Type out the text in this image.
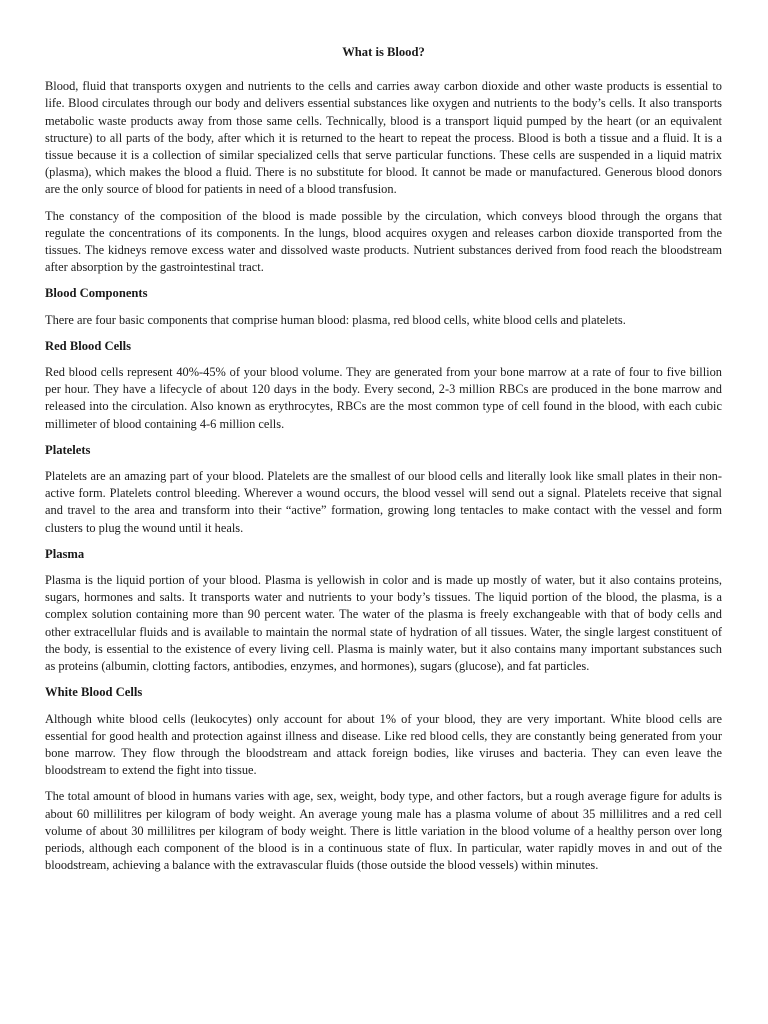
What is Blood?

Blood, fluid that transports oxygen and nutrients to the cells and carries away carbon dioxide and other waste products is essential to life. Blood circulates through our body and delivers essential substances like oxygen and nutrients to the body’s cells. It also transports metabolic waste products away from those same cells. Technically, blood is a transport liquid pumped by the heart (or an equivalent structure) to all parts of the body, after which it is returned to the heart to repeat the process. Blood is both a tissue and a fluid. It is a tissue because it is a collection of similar specialized cells that serve particular functions. These cells are suspended in a liquid matrix (plasma), which makes the blood a fluid. There is no substitute for blood. It cannot be made or manufactured. Generous blood donors are the only source of blood for patients in need of a blood transfusion.

The constancy of the composition of the blood is made possible by the circulation, which conveys blood through the organs that regulate the concentrations of its components. In the lungs, blood acquires oxygen and releases carbon dioxide transported from the tissues. The kidneys remove excess water and dissolved waste products. Nutrient substances derived from food reach the bloodstream after absorption by the gastrointestinal tract.

Blood Components

There are four basic components that comprise human blood: plasma, red blood cells, white blood cells and platelets.

Red Blood Cells

Red blood cells represent 40%-45% of your blood volume. They are generated from your bone marrow at a rate of four to five billion per hour. They have a lifecycle of about 120 days in the body. Every second, 2-3 million RBCs are produced in the bone marrow and released into the circulation. Also known as erythrocytes, RBCs are the most common type of cell found in the blood, with each cubic millimeter of blood containing 4-6 million cells.

Platelets

Platelets are an amazing part of your blood. Platelets are the smallest of our blood cells and literally look like small plates in their non-active form. Platelets control bleeding. Wherever a wound occurs, the blood vessel will send out a signal. Platelets receive that signal and travel to the area and transform into their “active” formation, growing long tentacles to make contact with the vessel and form clusters to plug the wound until it heals.

Plasma

Plasma is the liquid portion of your blood. Plasma is yellowish in color and is made up mostly of water, but it also contains proteins, sugars, hormones and salts. It transports water and nutrients to your body’s tissues. The liquid portion of the blood, the plasma, is a complex solution containing more than 90 percent water. The water of the plasma is freely exchangeable with that of body cells and other extracellular fluids and is available to maintain the normal state of hydration of all tissues. Water, the single largest constituent of the body, is essential to the existence of every living cell. Plasma is mainly water, but it also contains many important substances such as proteins (albumin, clotting factors, antibodies, enzymes, and hormones), sugars (glucose), and fat particles.

White Blood Cells

Although white blood cells (leukocytes) only account for about 1% of your blood, they are very important. White blood cells are essential for good health and protection against illness and disease. Like red blood cells, they are constantly being generated from your bone marrow. They flow through the bloodstream and attack foreign bodies, like viruses and bacteria. They can even leave the bloodstream to extend the fight into tissue.

The total amount of blood in humans varies with age, sex, weight, body type, and other factors, but a rough average figure for adults is about 60 millilitres per kilogram of body weight. An average young male has a plasma volume of about 35 millilitres and a red cell volume of about 30 millilitres per kilogram of body weight. There is little variation in the blood volume of a healthy person over long periods, although each component of the blood is in a continuous state of flux. In particular, water rapidly moves in and out of the bloodstream, achieving a balance with the extravascular fluids (those outside the blood vessels) within minutes.
